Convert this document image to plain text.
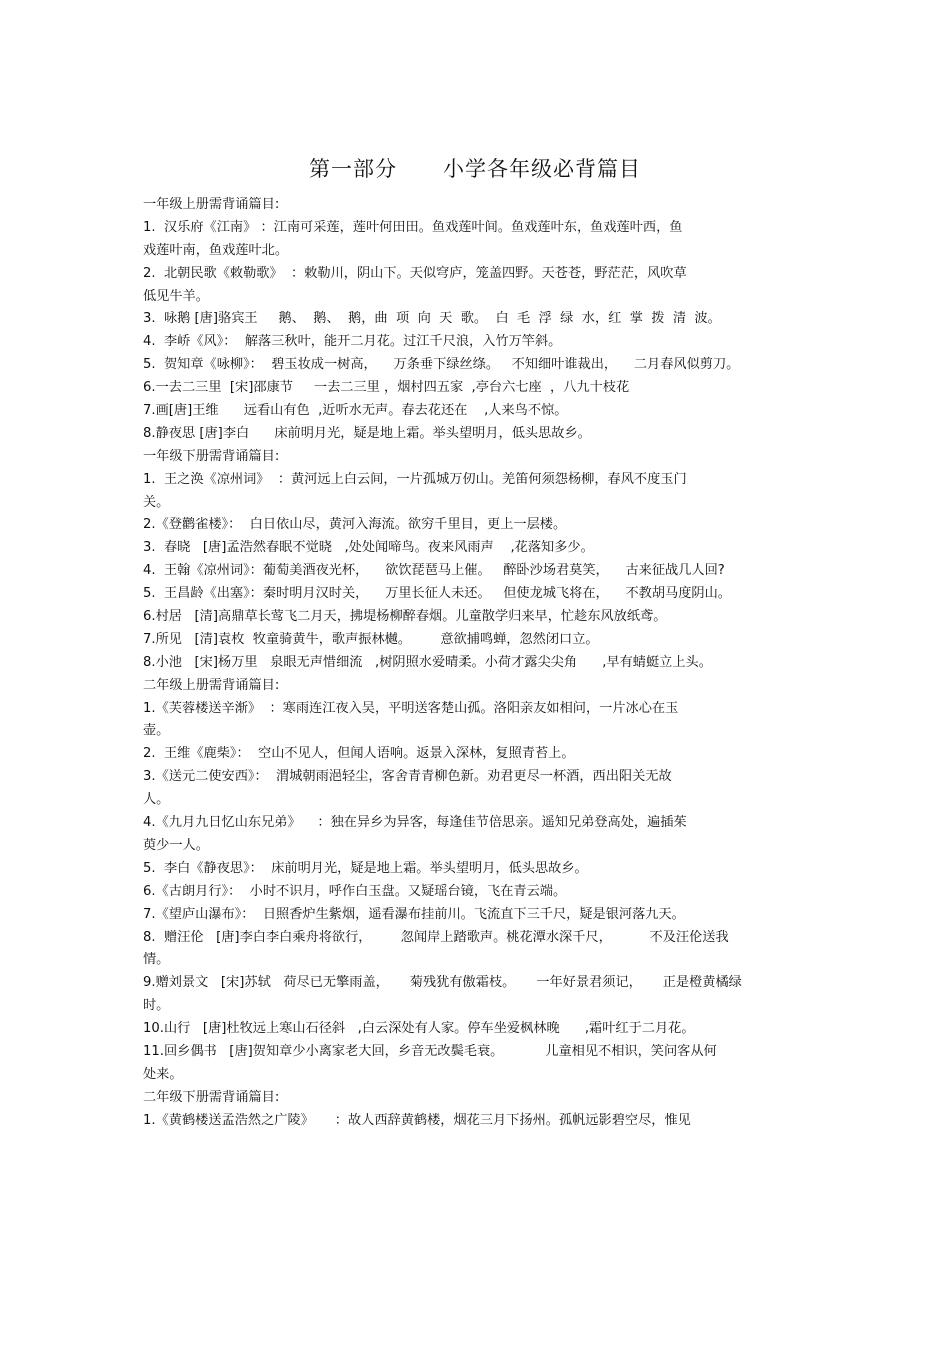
第一部分      小学各年级必背篇目
一年级上册需背诵篇目:
1.  汉乐府《江南》 ：江南可采莲，莲叶何田田。鱼戏莲叶间。鱼戏莲叶东，鱼戏莲叶西，鱼
戏莲叶南，鱼戏莲叶北。
2.  北朝民歌《敕勒歌》  ：敕勒川，阴山下。天似穹庐，笼盖四野。天苍苍，野茫茫，风吹草
低见牛羊。
3.  咏鹅 [唐]骆宾王     鹅、  鹅、  鹅，曲  项  向  天  歌。  白  毛  浮  绿  水，红  掌  拨  清  波。
4.  李峤《风》：  解落三秋叶，能开二月花。过江千尺浪，入竹万竿斜。
5.  贺知章《咏柳》：  碧玉妆成一树高，    万条垂下绿丝绦。   不知细叶谁裁出，    二月春风似剪刀。
6.一去二三里  [宋]邵康节     一去二三里 ，烟村四五家  ,亭台六七座  ，八九十枝花
7.画[唐]王维      远看山有色  ,近听水无声。春去花还在    ,人来鸟不惊。
8.静夜思 [唐]李白      床前明月光，疑是地上霜。举头望明月，低头思故乡。
一年级下册需背诵篇目:
1.  王之涣《凉州词》  ：黄河远上白云间，一片孤城万仞山。羌笛何须怨杨柳，春风不度玉门
关。
2.《登鹳雀楼》：  白日依山尽，黄河入海流。欲穷千里目，更上一层楼。
3.  春晓   [唐]孟浩然春眠不觉晓   ,处处闻啼鸟。夜来风雨声    ,花落知多少。
4.  王翰《凉州词》：葡萄美酒夜光杯，    欲饮琵琶马上催。   醉卧沙场君莫笑，    古来征战几人回?
5.  王昌龄《出塞》：秦时明月汉时关，    万里长征人未还。   但使龙城飞将在，    不教胡马度阴山。
6.村居   [清]高鼎草长莺飞二月天，拂堤杨柳醉春烟。儿童散学归来早，忙趁东风放纸鸢。
7.所见   [清]袁枚  牧童骑黄牛，歌声振林樾。       意欲捕鸣蝉，忽然闭口立。
8.小池   [宋]杨万里   泉眼无声惜细流   ,树阴照水爱晴柔。小荷才露尖尖角      ,早有蜻蜓立上头。
二年级上册需背诵篇目:
1.《芙蓉楼送辛渐》  ：寒雨连江夜入吴，平明送客楚山孤。洛阳亲友如相问，一片冰心在玉
壶。
2.  王维《鹿柴》：  空山不见人，但闻人语响。返景入深林，复照青苔上。
3.《送元二使安西》：  渭城朝雨浥轻尘，客舍青青柳色新。劝君更尽一杯酒，西出阳关无故
人。
4.《九月九日忆山东兄弟》    ：独在异乡为异客，每逢佳节倍思亲。遥知兄弟登高处，遍插茱
萸少一人。
5.  李白《静夜思》：  床前明月光，疑是地上霜。举头望明月，低头思故乡。
6.《古朗月行》：  小时不识月，呼作白玉盘。又疑瑶台镜，飞在青云端。
7.《望庐山瀑布》：  日照香炉生紫烟，遥看瀑布挂前川。飞流直下三千尺，疑是银河落九天。
8.  赠汪伦   [唐]李白李白乘舟将欲行，       忽闻岸上踏歌声。桃花潭水深千尺，         不及汪伦送我
情。
9.赠刘景文   [宋]苏轼   荷尽已无擎雨盖，     菊残犹有傲霜枝。     一年好景君须记，     正是橙黄橘绿
时。
10.山行   [唐]杜牧远上寒山石径斜   ,白云深处有人家。停车坐爱枫林晚      ,霜叶红于二月花。
11.回乡偶书   [唐]贺知章少小离家老大回，乡音无改鬓毛衰。          儿童相见不相识，笑问客从何
处来。
二年级下册需背诵篇目:
1.《黄鹤楼送孟浩然之广陵》     ：故人西辞黄鹤楼，烟花三月下扬州。孤帆远影碧空尽，惟见
